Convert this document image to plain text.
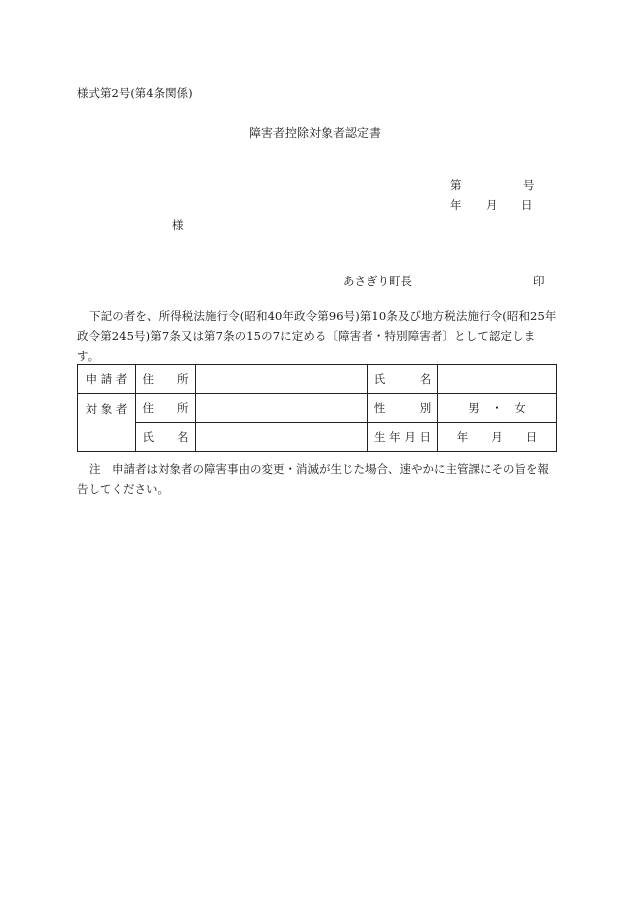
様式第2号(第4条関係)
障害者控除対象者認定書
第	号
年 月 日
様
あさぎり町長	印
下記の者を、所得税法施行令(昭和40年政令第96号)第10条及び地方税法施行令(昭和25年政令第245号)第7条又は第7条の15の7に定める〔障害者・特別障害者〕として認定します。
申 請 者	住　　所		氏　　　名	
対 象 者	住　　所		性　　　別	男　・　女
	氏　　名		生 年 月 日	年　　月　　日
注　申請者は対象者の障害事由の変更・消滅が生じた場合、速やかに主管課にその旨を報告してください。
